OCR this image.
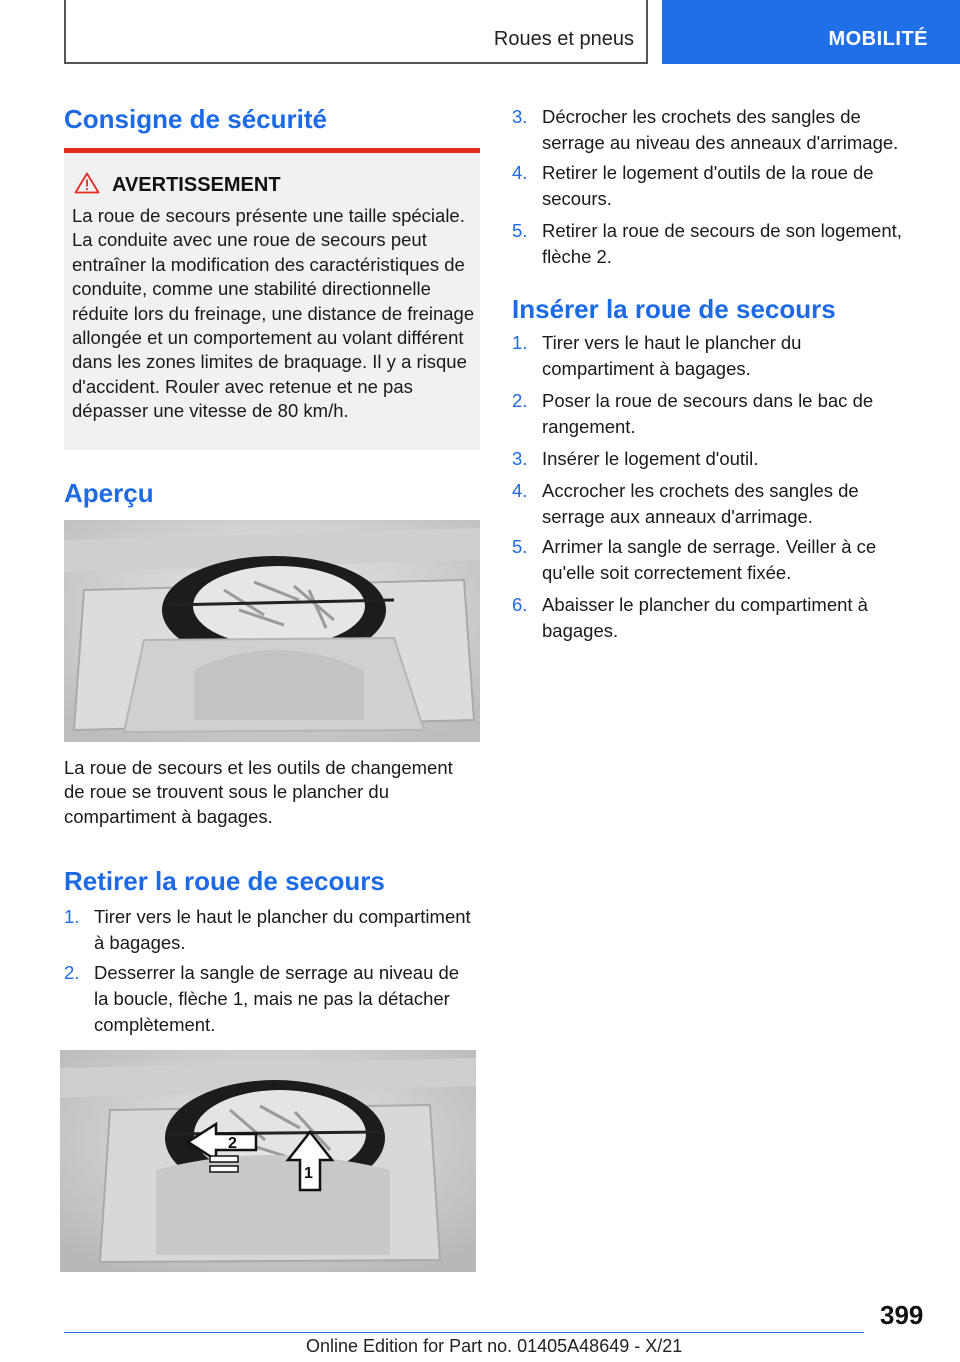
Roues et pneus	MOBILITÉ
Consigne de sécurité
AVERTISSEMENT
La roue de secours présente une taille spéciale. La conduite avec une roue de secours peut entraîner la modification des caractéristiques de conduite, comme une stabilité directionnelle réduite lors du freinage, une distance de freinage allongée et un comportement au volant différent dans les zones limites de braquage. Il y a risque d'accident. Rouler avec retenue et ne pas dépasser une vitesse de 80 km/h.
Aperçu
La roue de secours et les outils de changement de roue se trouvent sous le plancher du compartiment à bagages.
Retirer la roue de secours
1. Tirer vers le haut le plancher du compartiment à bagages.
2. Desserrer la sangle de serrage au niveau de la boucle, flèche 1, mais ne pas la détacher complètement.
2
1
3. Décrocher les crochets des sangles de serrage au niveau des anneaux d'arrimage.
4. Retirer le logement d'outils de la roue de secours.
5. Retirer la roue de secours de son logement, flèche 2.
Insérer la roue de secours
1. Tirer vers le haut le plancher du compartiment à bagages.
2. Poser la roue de secours dans le bac de rangement.
3. Insérer le logement d'outil.
4. Accrocher les crochets des sangles de serrage aux anneaux d'arrimage.
5. Arrimer la sangle de serrage. Veiller à ce qu'elle soit correctement fixée.
6. Abaisser le plancher du compartiment à bagages.
399
Online Edition for Part no. 01405A48649 - X/21
